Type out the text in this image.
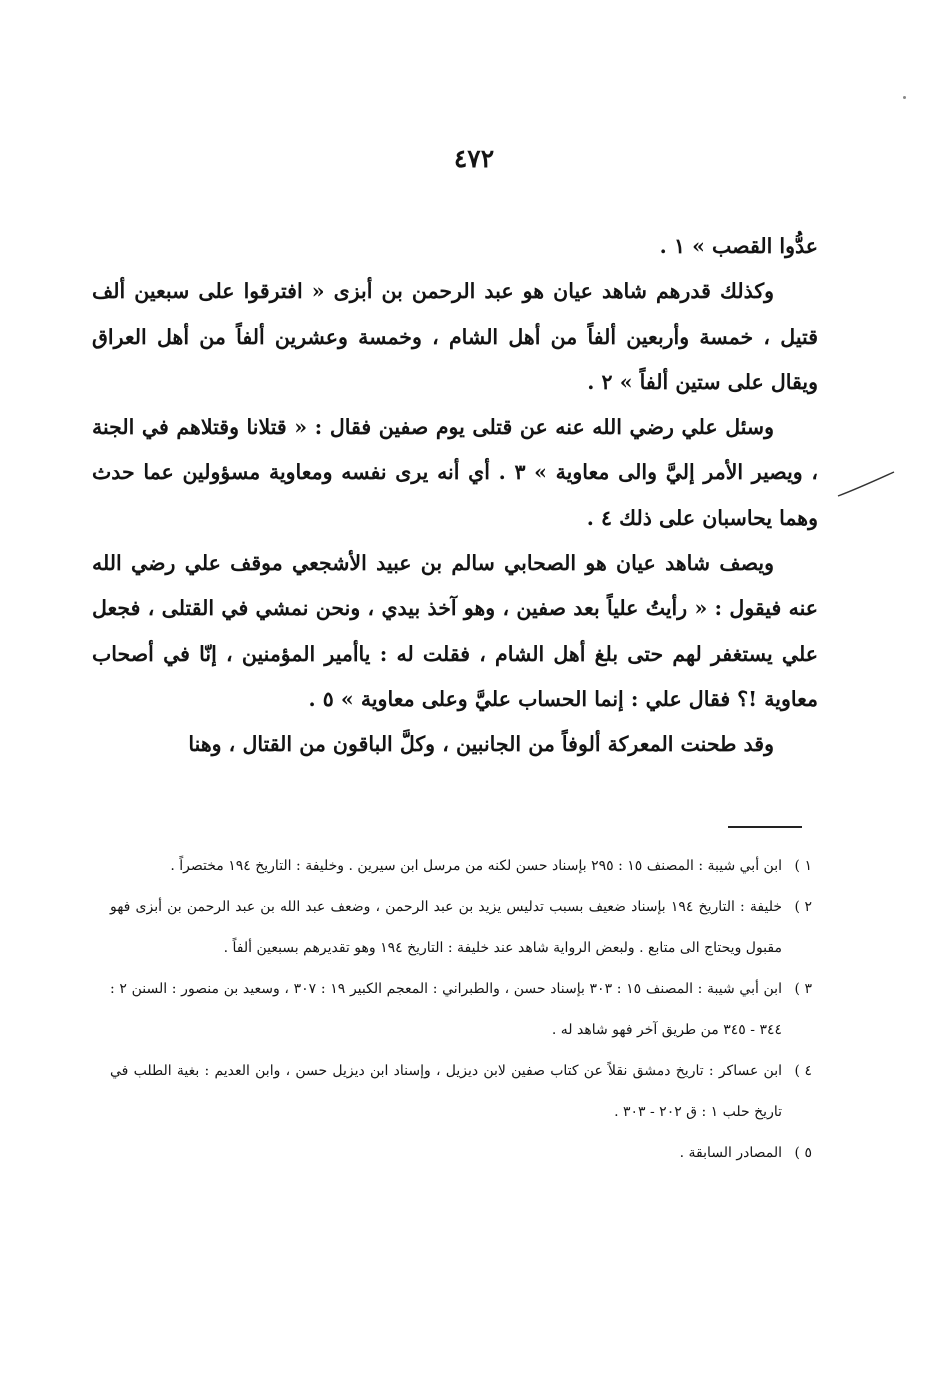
٤٧٢

عدُّوا القصب » ١ .

وكذلك قدرهم شاهد عيان هو عبد الرحمن بن أبزى « افترقوا على سبعين ألف قتيل ، خمسة وأربعين ألفاً من أهل الشام ، وخمسة وعشرين ألفاً من أهل العراق ويقال على ستين ألفاً » ٢ .

وسئل علي رضي الله عنه عن قتلى يوم صفين فقال : « قتلانا وقتلاهم في الجنة ، ويصير الأمر إليَّ والى معاوية » ٣ . أي أنه يرى نفسه ومعاوية مسؤولين عما حدث وهما يحاسبان على ذلك ٤ .

ويصف شاهد عيان هو الصحابي سالم بن عبيد الأشجعي موقف علي رضي الله عنه فيقول : « رأيتُ علياً بعد صفين ، وهو آخذ بيدي ، ونحن نمشي في القتلى ، فجعل علي يستغفر لهم حتى بلغ أهل الشام ، فقلت له : ياأمير المؤمنين ، إنّا في أصحاب معاوية !؟ فقال علي : إنما الحساب عليَّ وعلى معاوية » ٥ .

وقد طحنت المعركة ألوفاً من الجانبين ، وكلَّ الباقون من القتال ، وهنا

١ )
ابن أبي شيبة : المصنف ١٥ : ٢٩٥ بإسناد حسن لكنه من مرسل ابن سيرين . وخليفة : التاريخ ١٩٤ مختصراً .
٢ )
خليفة : التاريخ ١٩٤ بإسناد ضعيف بسبب تدليس يزيد بن عبد الرحمن ، وضعف عبد الله بن عبد الرحمن بن أبزى فهو مقبول ويحتاج الى متابع . ولبعض الرواية شاهد عند خليفة : التاريخ ١٩٤ وهو تقديرهم بسبعين ألفاً .
٣ )
ابن أبي شيبة : المصنف ١٥ : ٣٠٣ بإسناد حسن ، والطبراني : المعجم الكبير ١٩ : ٣٠٧ ، وسعيد بن منصور : السنن ٢ : ٣٤٤ - ٣٤٥ من طريق آخر فهو شاهد له .
٤ )
ابن عساكر : تاريخ دمشق نقلاً عن كتاب صفين لابن ديزيل ، وإسناد ابن ديزيل حسن ، وابن العديم : بغية الطلب في تاريخ حلب ١ : ق ٢٠٢ - ٣٠٣ .
٥ )
المصادر السابقة .
